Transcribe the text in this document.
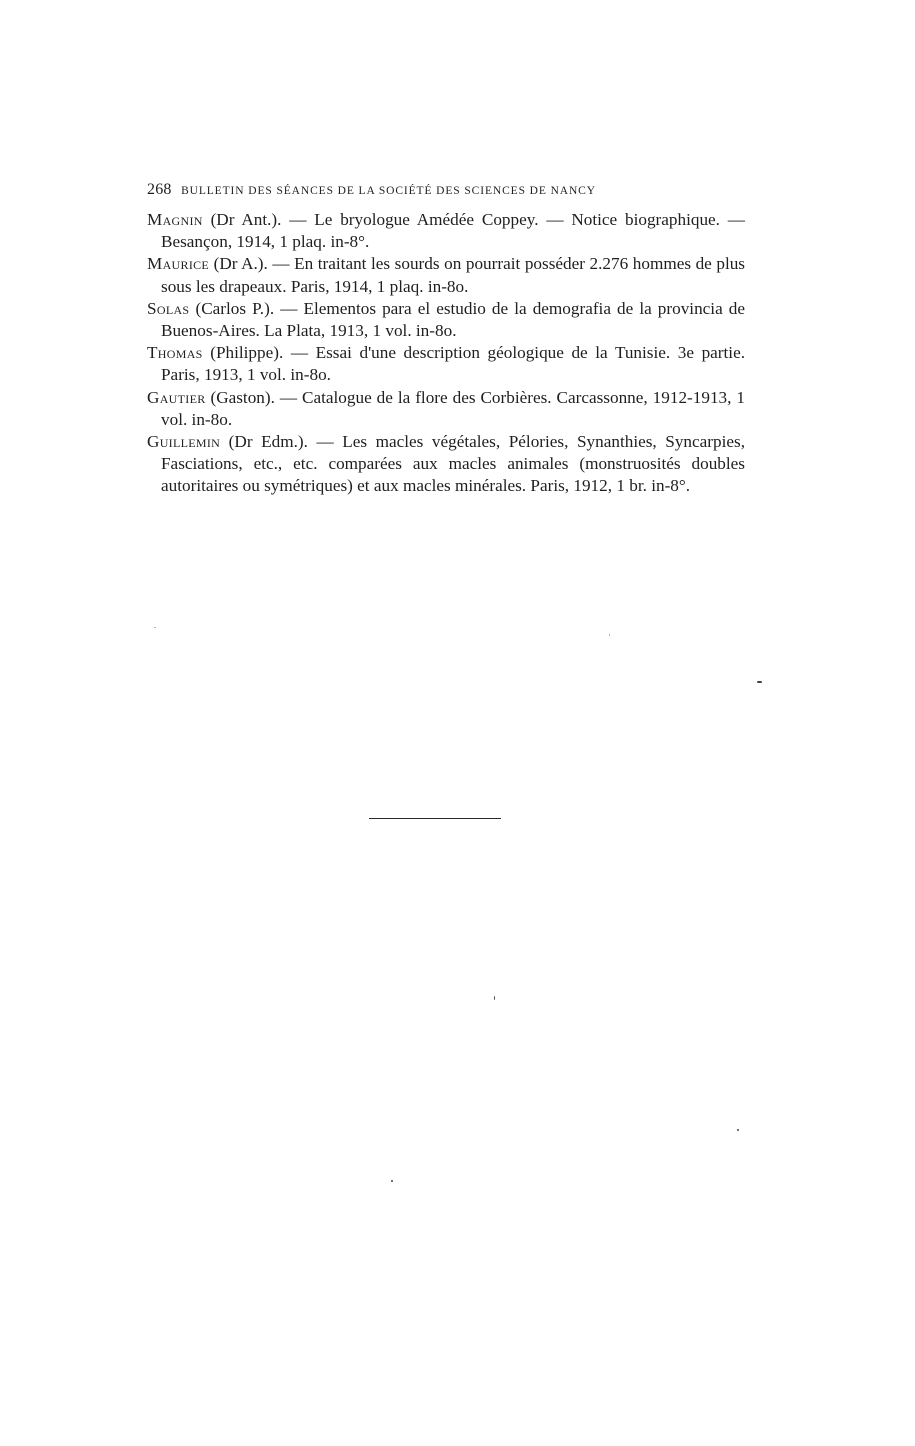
268 BULLETIN DES SÉANCES DE LA SOCIÉTÉ DES SCIENCES DE NANCY

Magnin (Dr Ant.). — Le bryologue Amédée Coppey. — Notice biographique. — Besançon, 1914, 1 plaq. in-8°.

Maurice (Dr A.). — En traitant les sourds on pourrait posséder 2.276 hommes de plus sous les drapeaux. Paris, 1914, 1 plaq. in-8o.

Solas (Carlos P.). — Elementos para el estudio de la demografia de la provincia de Buenos-Aires. La Plata, 1913, 1 vol. in-8o.

Thomas (Philippe). — Essai d'une description géologique de la Tunisie. 3e partie. Paris, 1913, 1 vol. in-8o.

Gautier (Gaston). — Catalogue de la flore des Corbières. Carcassonne, 1912-1913, 1 vol. in-8o.

Guillemin (Dr Edm.). — Les macles végétales, Pélories, Synanthies, Syncarpies, Fasciations, etc., etc. comparées aux macles animales (monstruosités doubles autoritaires ou symétriques) et aux macles minérales. Paris, 1912, 1 br. in-8°.
